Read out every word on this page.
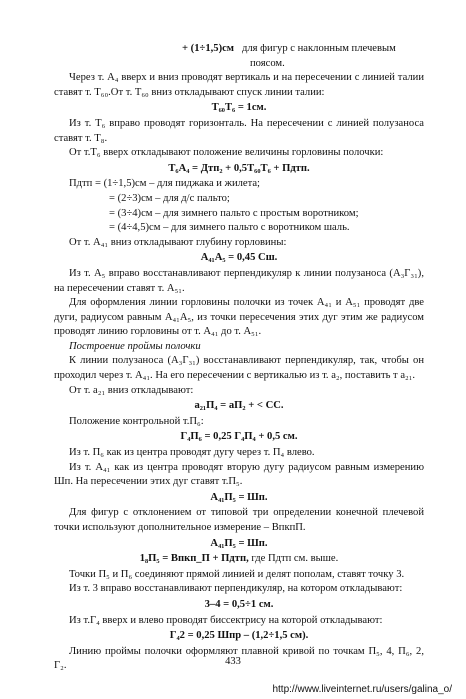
+ (1÷1,5)см для фигур с наклонным плечевым
поясом.

Через т. А₄ вверх и вниз проводят вертикаль и на пересечении с линией талии ставят т. Т₆₀.От т. Т₆₀ вниз откладывают спуск линии талии:

Т₆₀Т₆ = 1см.

Из т. Т₆ вправо проводят горизонталь. На пересечении с линией полузаноса ставят т. Т₈.

От т.Т₆ вверх откладывают положение величины горловины полочки:

Т₆А₄ = Дтп₂ + 0,5Т₆₀Т₆ + Пдтп.

Пдтп = (1÷1,5)см – для пиджака и жилета;
= (2÷3)см – для д/с пальто;
= (3÷4)см – для зимнего пальто с простым воротником;
= (4÷4,5)см – для зимнего пальто с воротником шаль.

От т. А₄₁ вниз откладывают глубину горловины:

А₄₁А₅ = 0,45 Сш.

Из т. А₅ вправо восстанавливают перпендикуляр к линии полузаноса (А₃Г₃₁), на пересечении ставят т. А₅₁.

Для оформления линии горловины полочки из точек А₄₁ и А₅₁ проводят две дуги, радиусом равным А₄₁А₅, из точки пересечения этих дуг этим же радиусом проводят линию горловины от т. А₄₁ до т. А₅₁.

Построение проймы полочки

К линии полузаноса (А₃Г₃₁) восстанавливают перпендикуляр, так, чтобы он проходил через т. А₄₁. На его пересечении с вертикалью из т. а₂, поставить т а₂₁.

От т. а₂₁ вниз откладывают:

а₂₁П₄ = аП₂ + < СС.

Положение контрольной т.П₆:

Г₄П₆ = 0,25 Г₄П₄ + 0,5 см.

Из т. П₆ как из центра проводят дугу через т. П₄ влево.

Из т. А₄₁ как из центра проводят вторую дугу радиусом равным измерению Шп. На пересечении этих дуг ставят т.П₅.

А₄₁П₅ = Шп.

Для фигур с отклонением от типовой три определении конечной плечевой точки используют дополнительное измерение – ВпкпП.

А₄₁П₅ = Шп.

1₈П₅ = Впкп_П + Пдтп, где Пдтп см. выше.

Точки П₅ и П₆ соединяют прямой линией и делят пополам, ставят точку 3.

Из т. 3 вправо восстанавливают перпендикуляр, на котором откладывают:

3–4 = 0,5÷1 см.

Из т.Г₄ вверх и влево проводят биссектрису на которой откладывают:

Г₄2 = 0,25 Шпр – (1,2÷1,5 см).

Линию проймы полочки оформляют плавной кривой по точкам П₅, 4, П₆, 2, Г₂.	433
http://www.liveinternet.ru/users/galina_o/
